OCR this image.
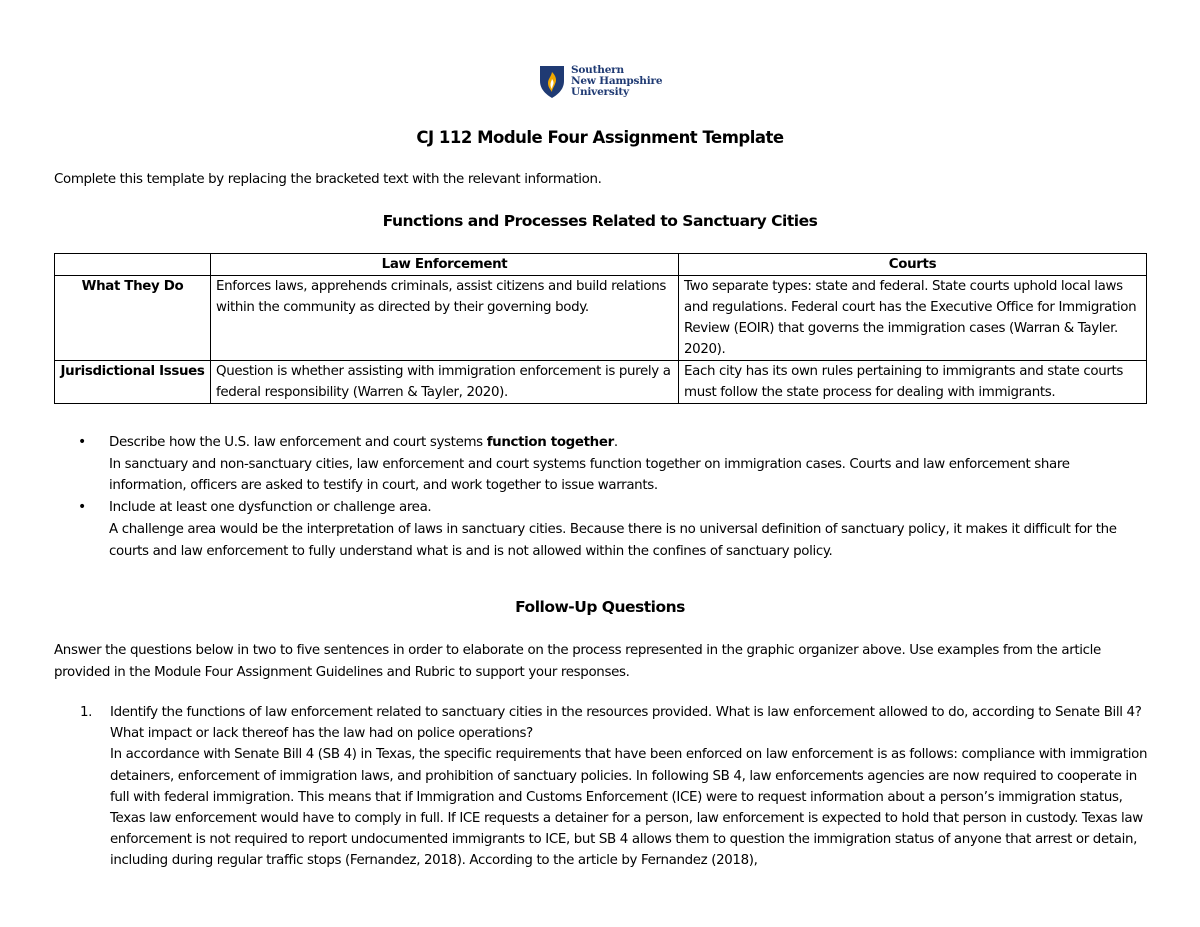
Southern
New Hampshire
University
CJ 112 Module Four Assignment Template
Complete this template by replacing the bracketed text with the relevant information.
Functions and Processes Related to Sanctuary Cities
	Law Enforcement	Courts
What They Do	Enforces laws, apprehends criminals, assist citizens and build relations within the community as directed by their governing body.	Two separate types: state and federal. State courts uphold local laws and regulations. Federal court has the Executive Office for Immigration Review (EOIR) that governs the immigration cases (Warran & Tayler. 2020).
Jurisdictional Issues	Question is whether assisting with immigration enforcement is purely a federal responsibility (Warren & Tayler, 2020).	Each city has its own rules pertaining to immigrants and state courts must follow the state process for dealing with immigrants.
• Describe how the U.S. law enforcement and court systems function together.
In sanctuary and non-sanctuary cities, law enforcement and court systems function together on immigration cases. Courts and law enforcement share information, officers are asked to testify in court, and work together to issue warrants.
• Include at least one dysfunction or challenge area.
A challenge area would be the interpretation of laws in sanctuary cities. Because there is no universal definition of sanctuary policy, it makes it difficult for the courts and law enforcement to fully understand what is and is not allowed within the confines of sanctuary policy.
Follow-Up Questions
Answer the questions below in two to five sentences in order to elaborate on the process represented in the graphic organizer above. Use examples from the article provided in the Module Four Assignment Guidelines and Rubric to support your responses.
1. Identify the functions of law enforcement related to sanctuary cities in the resources provided. What is law enforcement allowed to do, according to Senate Bill 4? What impact or lack thereof has the law had on police operations?
In accordance with Senate Bill 4 (SB 4) in Texas, the specific requirements that have been enforced on law enforcement is as follows: compliance with immigration detainers, enforcement of immigration laws, and prohibition of sanctuary policies. In following SB 4, law enforcements agencies are now required to cooperate in full with federal immigration. This means that if Immigration and Customs Enforcement (ICE) were to request information about a person’s immigration status, Texas law enforcement would have to comply in full. If ICE requests a detainer for a person, law enforcement is expected to hold that person in custody. Texas law enforcement is not required to report undocumented immigrants to ICE, but SB 4 allows them to question the immigration status of anyone that arrest or detain, including during regular traffic stops (Fernandez, 2018). According to the article by Fernandez (2018),
